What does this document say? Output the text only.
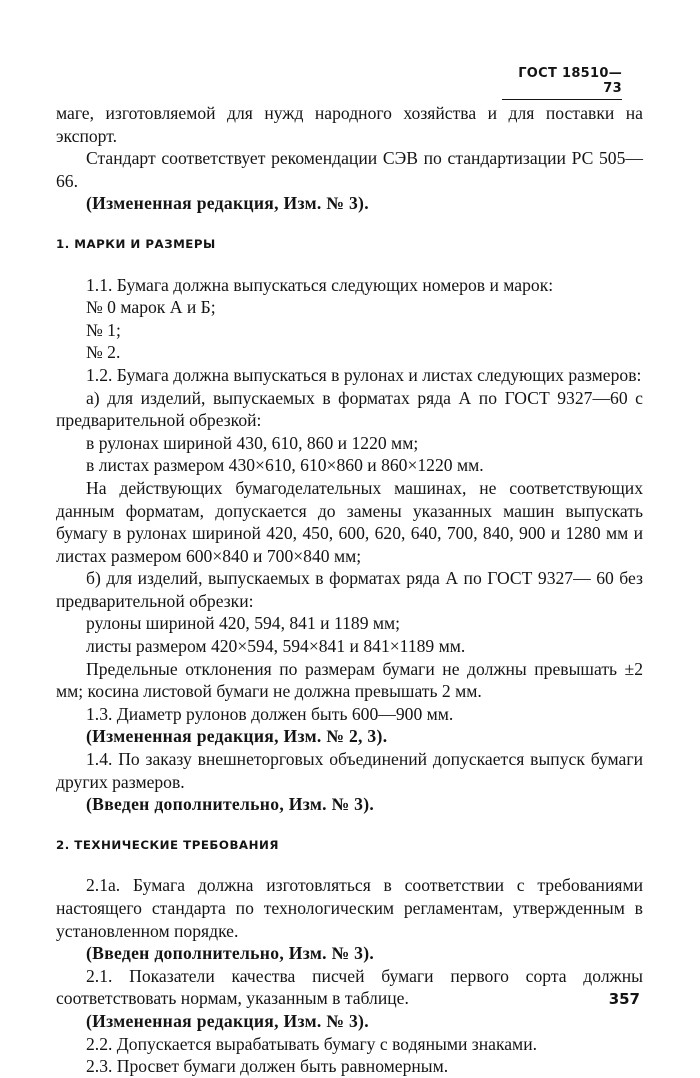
ГОСТ 18510—73

маге, изготовляемой для нужд народного хозяйства и для поставки на экспорт.

Стандарт соответствует рекомендации СЭВ по стандартизации РС 505—66.

(Измененная редакция, Изм. № 3).

1. МАРКИ И РАЗМЕРЫ

1.1. Бумага должна выпускаться следующих номеров и марок:

№ 0 марок А и Б;

№ 1;

№ 2.

1.2. Бумага должна выпускаться в рулонах и листах следующих размеров:

а) для изделий, выпускаемых в форматах ряда А по ГОСТ 9327—60 с предварительной обрезкой:

в рулонах шириной 430, 610, 860 и 1220 мм;

в листах размером 430×610, 610×860 и 860×1220 мм.

На действующих бумагоделательных машинах, не соответствующих данным форматам, допускается до замены указанных машин выпускать бумагу в рулонах шириной 420, 450, 600, 620, 640, 700, 840, 900 и 1280 мм и листах размером 600×840 и 700×840 мм;

б) для изделий, выпускаемых в форматах ряда А по ГОСТ 9327— 60 без предварительной обрезки:

рулоны шириной 420, 594, 841 и 1189 мм;

листы размером 420×594, 594×841 и 841×1189 мм.

Предельные отклонения по размерам бумаги не должны превышать ±2 мм; косина листовой бумаги не должна превышать 2 мм.

1.3. Диаметр рулонов должен быть 600—900 мм.

(Измененная редакция, Изм. № 2, 3).

1.4. По заказу внешнеторговых объединений допускается выпуск бумаги других размеров.

(Введен дополнительно, Изм. № 3).

2. ТЕХНИЧЕСКИЕ ТРЕБОВАНИЯ

2.1а. Бумага должна изготовляться в соответствии с требованиями настоящего стандарта по технологическим регламентам, утвержденным в установленном порядке.

(Введен дополнительно, Изм. № 3).

2.1. Показатели качества писчей бумаги первого сорта должны соответствовать нормам, указанным в таблице.

(Измененная редакция, Изм. № 3).

2.2. Допускается вырабатывать бумагу с водяными знаками.

2.3. Просвет бумаги должен быть равномерным.

357
